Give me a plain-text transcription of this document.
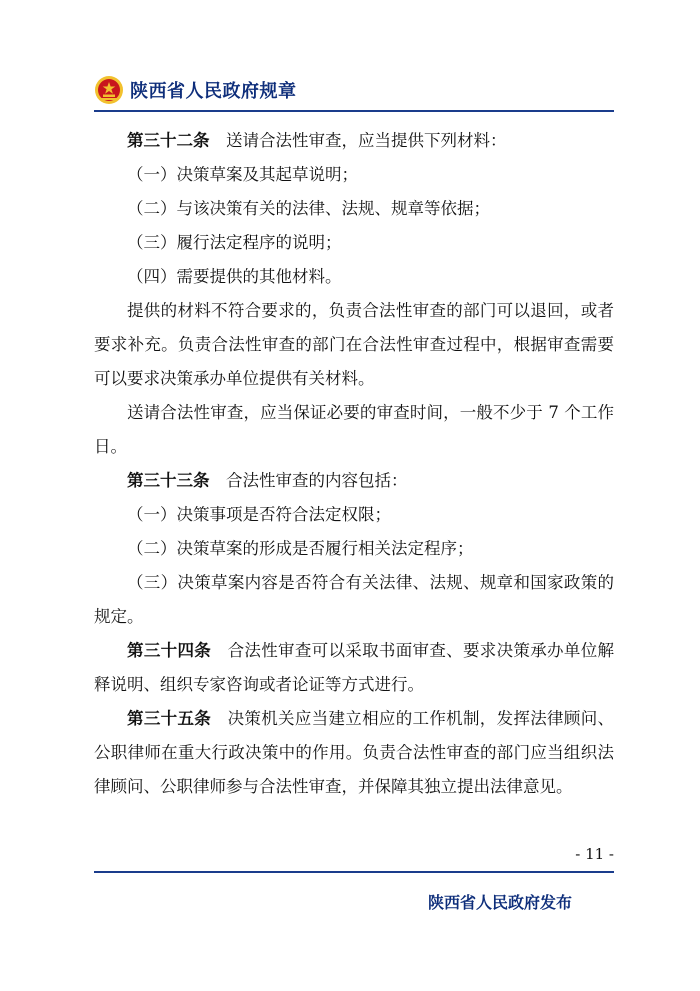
陕西省人民政府规章

第三十二条 送请合法性审查，应当提供下列材料：

（一）决策草案及其起草说明；

（二）与该决策有关的法律、法规、规章等依据；

（三）履行法定程序的说明；

（四）需要提供的其他材料。

提供的材料不符合要求的，负责合法性审查的部门可以退回，或者要求补充。负责合法性审查的部门在合法性审查过程中，根据审查需要可以要求决策承办单位提供有关材料。

送请合法性审查，应当保证必要的审查时间，一般不少于 7 个工作日。

第三十三条 合法性审查的内容包括：

（一）决策事项是否符合法定权限；

（二）决策草案的形成是否履行相关法定程序；

（三）决策草案内容是否符合有关法律、法规、规章和国家政策的规定。

第三十四条 合法性审查可以采取书面审查、要求决策承办单位解释说明、组织专家咨询或者论证等方式进行。

第三十五条 决策机关应当建立相应的工作机制，发挥法律顾问、公职律师在重大行政决策中的作用。负责合法性审查的部门应当组织法律顾问、公职律师参与合法性审查，并保障其独立提出法律意见。

- 11 -
陕西省人民政府发布
